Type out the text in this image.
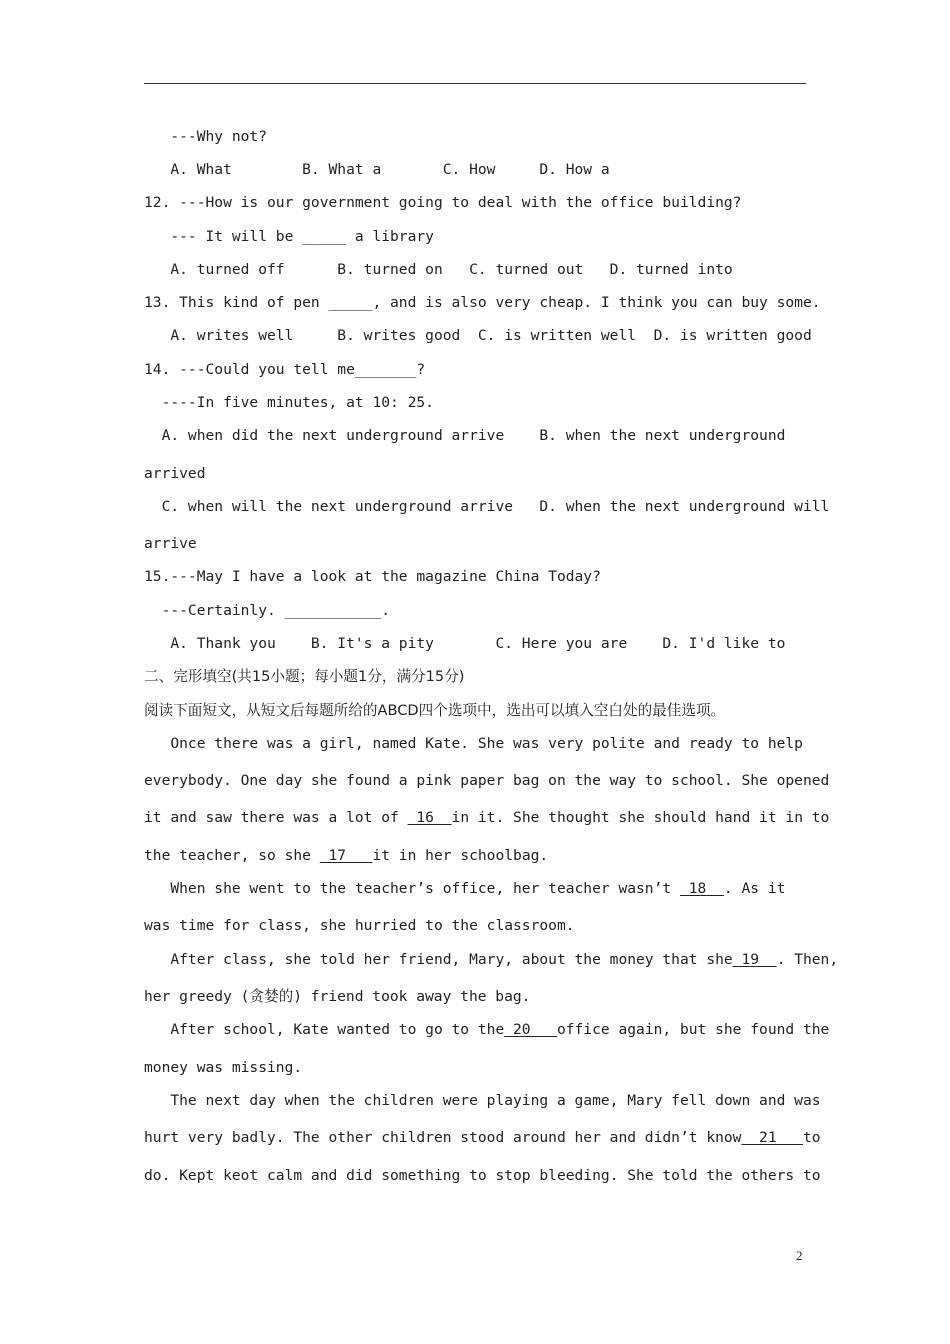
---Why not?
A. What        B. What a       C. How     D. How a
12. ---How is our government going to deal with the office building?
--- It will be _____ a library
A. turned off      B. turned on   C. turned out   D. turned into
13. This kind of pen _____, and is also very cheap. I think you can buy some.
A. writes well     B. writes good  C. is written well  D. is written good
14. ---Could you tell me_______?
----In five minutes, at 10: 25.
A. when did the next underground arrive    B. when the next underground
arrived
C. when will the next underground arrive   D. when the next underground will
arrive
15.---May I have a look at the magazine China Today?
---Certainly. ___________.
A. Thank you    B. It's a pity       C. Here you are    D. I'd like to
二、完形填空(共15小题；每小题1分，满分15分)
阅读下面短文，从短文后每题所给的ABCD四个选项中，选出可以填入空白处的最佳选项。
Once there was a girl, named Kate. She was very polite and ready to help
everybody. One day she found a pink paper bag on the way to school. She opened
it and saw there was a lot of  16  in it. She thought she should hand it in to
the teacher, so she  17   it in her schoolbag.
When she went to the teacher’s office, her teacher wasn’t  18  . As it
was time for class, she hurried to the classroom.
After class, she told her friend, Mary, about the money that she 19  . Then,
her greedy (贪婪的) friend took away the bag.
After school, Kate wanted to go to the 20   office again, but she found the
money was missing.
The next day when the children were playing a game, Mary fell down and was
hurt very badly. The other children stood around her and didn’t know  21   to
do. Kept keot calm and did something to stop bleeding. She told the others to
2
